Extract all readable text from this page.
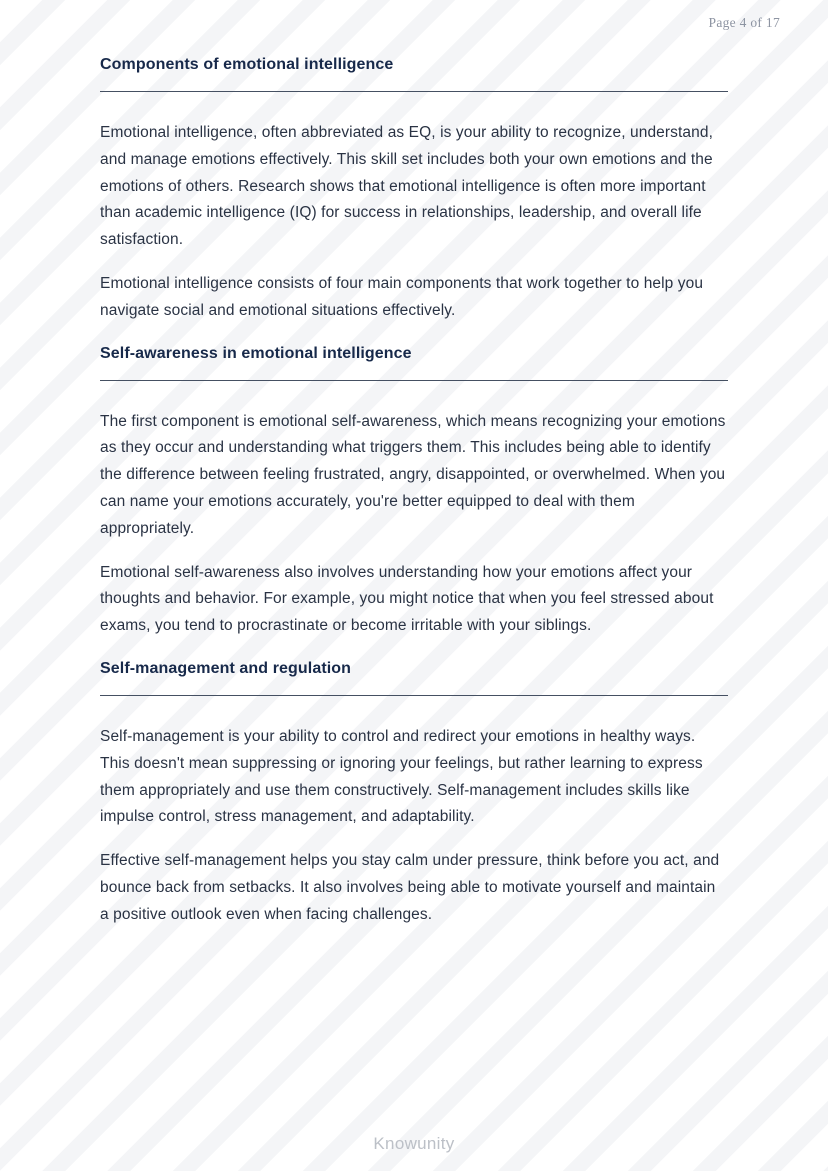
Page 4 of 17
Components of emotional intelligence

Emotional intelligence, often abbreviated as EQ, is your ability to recognize, understand, and manage emotions effectively. This skill set includes both your own emotions and the emotions of others. Research shows that emotional intelligence is often more important than academic intelligence (IQ) for success in relationships, leadership, and overall life satisfaction.

Emotional intelligence consists of four main components that work together to help you navigate social and emotional situations effectively.

Self-awareness in emotional intelligence

The first component is emotional self-awareness, which means recognizing your emotions as they occur and understanding what triggers them. This includes being able to identify the difference between feeling frustrated, angry, disappointed, or overwhelmed. When you can name your emotions accurately, you're better equipped to deal with them appropriately.

Emotional self-awareness also involves understanding how your emotions affect your thoughts and behavior. For example, you might notice that when you feel stressed about exams, you tend to procrastinate or become irritable with your siblings.

Self-management and regulation

Self-management is your ability to control and redirect your emotions in healthy ways. This doesn't mean suppressing or ignoring your feelings, but rather learning to express them appropriately and use them constructively. Self-management includes skills like impulse control, stress management, and adaptability.

Effective self-management helps you stay calm under pressure, think before you act, and bounce back from setbacks. It also involves being able to motivate yourself and maintain a positive outlook even when facing challenges.

Knowunity
